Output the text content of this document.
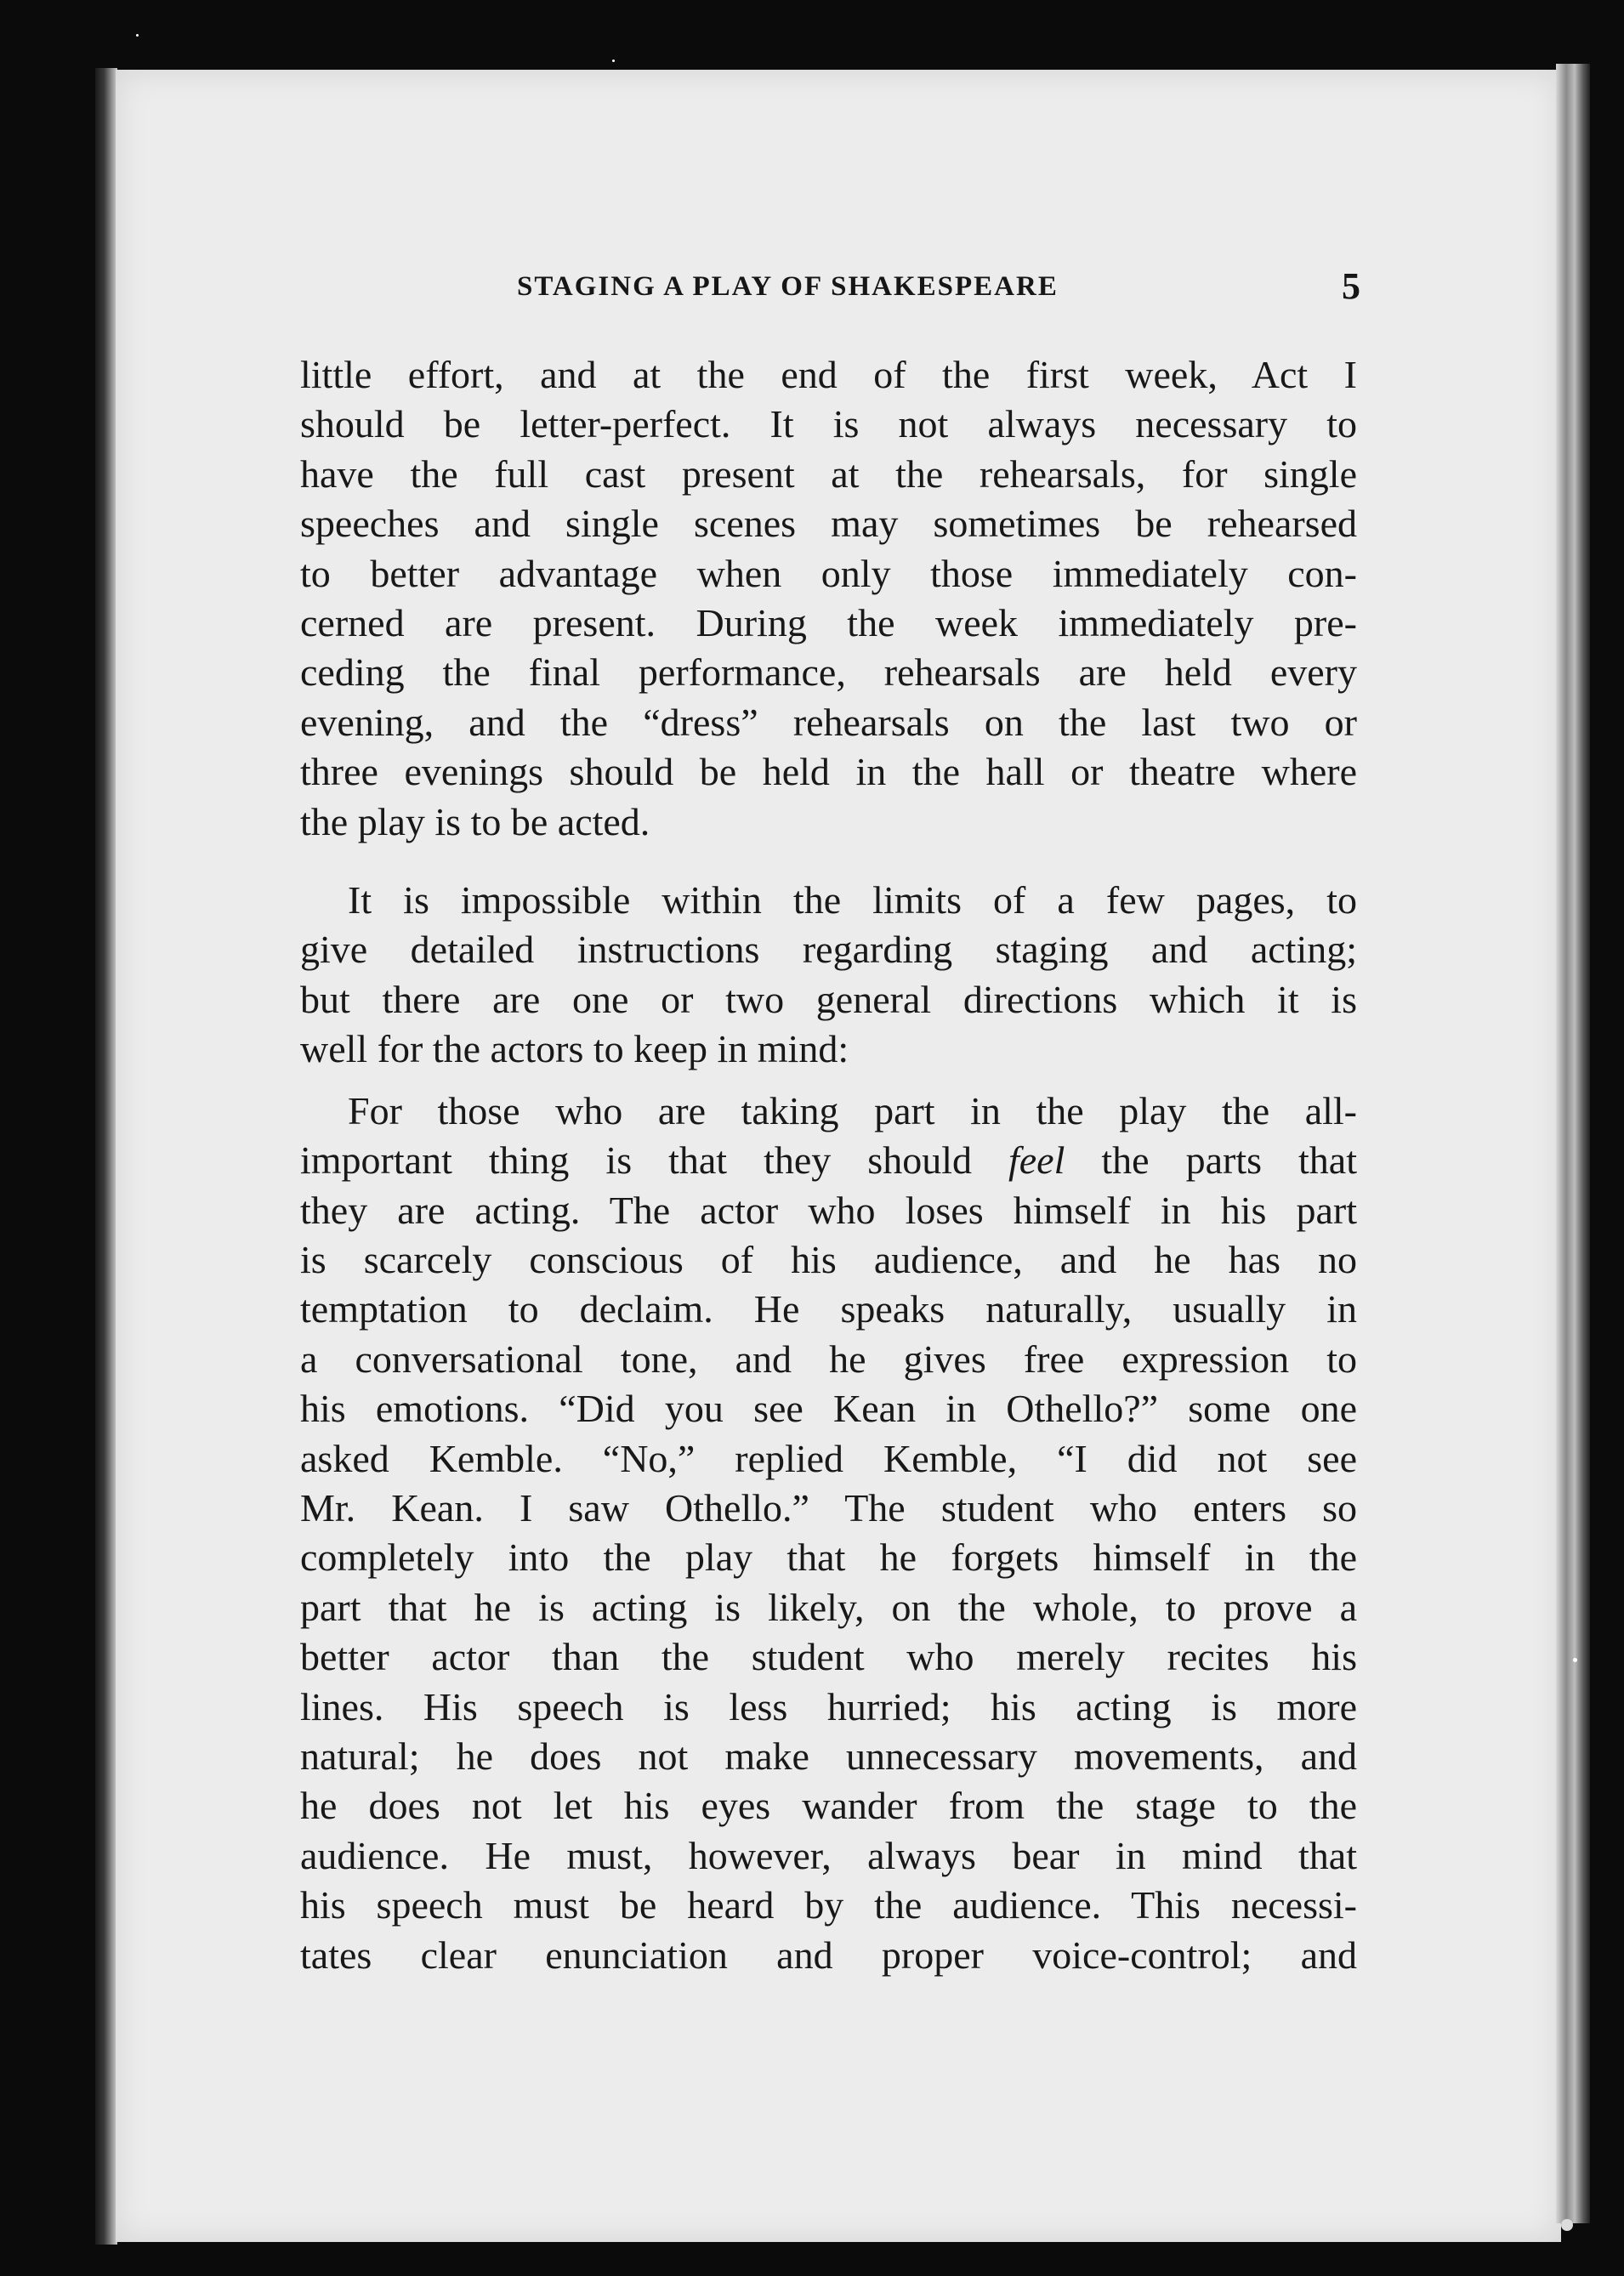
STAGING A PLAY OF SHAKESPEARE	5
little effort, and at the end of the first week, Act I
should be letter-perfect. It is not always necessary to
have the full cast present at the rehearsals, for single
speeches and single scenes may sometimes be rehearsed
to better advantage when only those immediately con-
cerned are present. During the week immediately pre-
ceding the final performance, rehearsals are held every
evening, and the “dress” rehearsals on the last two or
three evenings should be held in the hall or theatre where
the play is to be acted.
It is impossible within the limits of a few pages, to
give detailed instructions regarding staging and acting;
but there are one or two general directions which it is
well for the actors to keep in mind:
For those who are taking part in the play the all-
important thing is that they should feel the parts that
they are acting. The actor who loses himself in his part
is scarcely conscious of his audience, and he has no
temptation to declaim. He speaks naturally, usually in
a conversational tone, and he gives free expression to
his emotions. “Did you see Kean in Othello?” some one
asked Kemble. “No,” replied Kemble, “I did not see
Mr. Kean. I saw Othello.” The student who enters so
completely into the play that he forgets himself in the
part that he is acting is likely, on the whole, to prove a
better actor than the student who merely recites his
lines. His speech is less hurried; his acting is more
natural; he does not make unnecessary movements, and
he does not let his eyes wander from the stage to the
audience. He must, however, always bear in mind that
his speech must be heard by the audience. This necessi-
tates clear enunciation and proper voice-control; and
